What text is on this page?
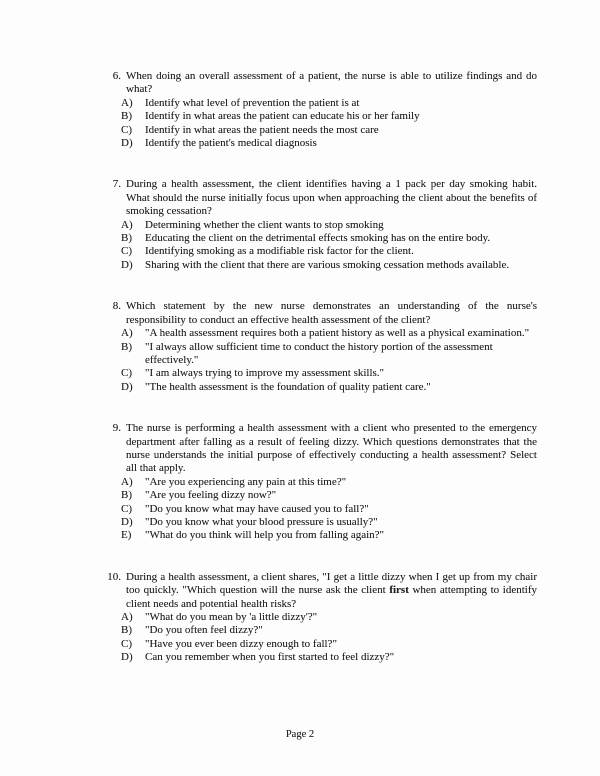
6. When doing an overall assessment of a patient, the nurse is able to utilize findings and do what?
A)	Identify what level of prevention the patient is at
B)	Identify in what areas the patient can educate his or her family
C)	Identify in what areas the patient needs the most care
D)	Identify the patient's medical diagnosis
7. During a health assessment, the client identifies having a 1 pack per day smoking habit. What should the nurse initially focus upon when approaching the client about the benefits of smoking cessation?
A)	Determining whether the client wants to stop smoking
B)	Educating the client on the detrimental effects smoking has on the entire body.
C)	Identifying smoking as a modifiable risk factor for the client.
D)	Sharing with the client that there are various smoking cessation methods available.
8. Which statement by the new nurse demonstrates an understanding of the nurse's responsibility to conduct an effective health assessment of the client?
A)	"A health assessment requires both a patient history as well as a physical examination."
B)	"I always allow sufficient time to conduct the history portion of the assessment effectively."
C)	"I am always trying to improve my assessment skills."
D)	"The health assessment is the foundation of quality patient care."
9. The nurse is performing a health assessment with a client who presented to the emergency department after falling as a result of feeling dizzy. Which questions demonstrates that the nurse understands the initial purpose of effectively conducting a health assessment? Select all that apply.
A)	"Are you experiencing any pain at this time?"
B)	"Are you feeling dizzy now?"
C)	"Do you know what may have caused you to fall?"
D)	"Do you know what your blood pressure is usually?"
E)	"What do you think will help you from falling again?"
10. During a health assessment, a client shares, "I get a little dizzy when I get up from my chair too quickly. "Which question will the nurse ask the client first when attempting to identify client needs and potential health risks?
A)	"What do you mean by 'a little dizzy'?"
B)	"Do you often feel dizzy?"
C)	"Have you ever been dizzy enough to fall?"
D)	Can you remember when you first started to feel dizzy?"
Page 2
